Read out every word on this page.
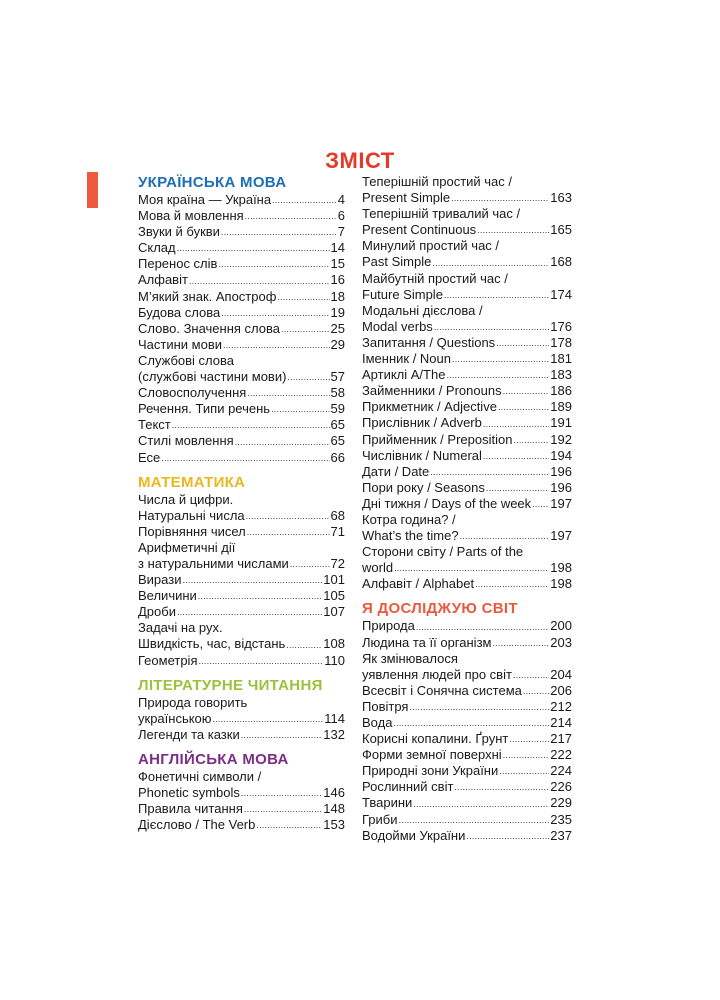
ЗМІСТ
УКРАЇНСЬКА МОВА
Моя країна — Україна .....	4
Мова й мовлення .....	6
Звуки й букви .....	7
Склад .....	14
Перенос слів .....	15
Алфавіт .....	16
М’який знак. Апостроф .....	18
Будова слова .....	19
Слово. Значення слова .....	25
Частини мови .....	29
Службові слова
(службові частини мови) .....	57
Словосполучення .....	58
Речення. Типи речень .....	59
Текст .....	65
Стилі мовлення .....	65
Есе .....	66
МАТЕМАТИКА
Числа й цифри.
Натуральні числа .....	68
Порівняння чисел .....	71
Арифметичні дії
з натуральними числами .....	72
Вирази .....	101
Величини .....	105
Дроби .....	107
Задачі на рух.
Швидкість, час, відстань .....	108
Геометрія .....	110
ЛІТЕРАТУРНЕ ЧИТАННЯ
Природа говорить
українською .....	114
Легенди та казки .....	132
АНГЛІЙСЬКА МОВА
Фонетичні символи /
Phonetic symbols .....	146
Правила читання .....	148
Дієслово / The Verb .....	153
Теперішній простий час /
Present Simple .....	163
Теперішній тривалий час /
Present Continuous .....	165
Минулий простий час /
Past Simple .....	168
Майбутній простий час /
Future Simple .....	174
Модальні дієслова /
Modal verbs .....	176
Запитання / Questions .....	178
Іменник / Noun .....	181
Артиклі A/The .....	183
Займенники / Pronouns .....	186
Прикметник / Adjective .....	189
Прислівник / Adverb .....	191
Прийменник / Preposition .....	192
Числівник / Numeral .....	194
Дати / Date .....	196
Пори року / Seasons .....	196
Дні тижня / Days of the week ..... 197
Котра година? /
What’s the time? .....	197
Сторони світу / Parts of the
world .....	198
Алфавіт / Alphabet .....	198
Я ДОСЛІДЖУЮ СВІТ
Природа .....	200
Людина та її організм .....	203
Як змінювалося
уявлення людей про світ .....	204
Всесвіт і Сонячна система ..... 206
Повітря .....	212
Вода .....	214
Корисні копалини. Ґрунт .....	217
Форми земної поверхні .....	222
Природні зони України .....	224
Рослинний світ .....	226
Тварини .....	229
Гриби .....	235
Водойми України .....	237
